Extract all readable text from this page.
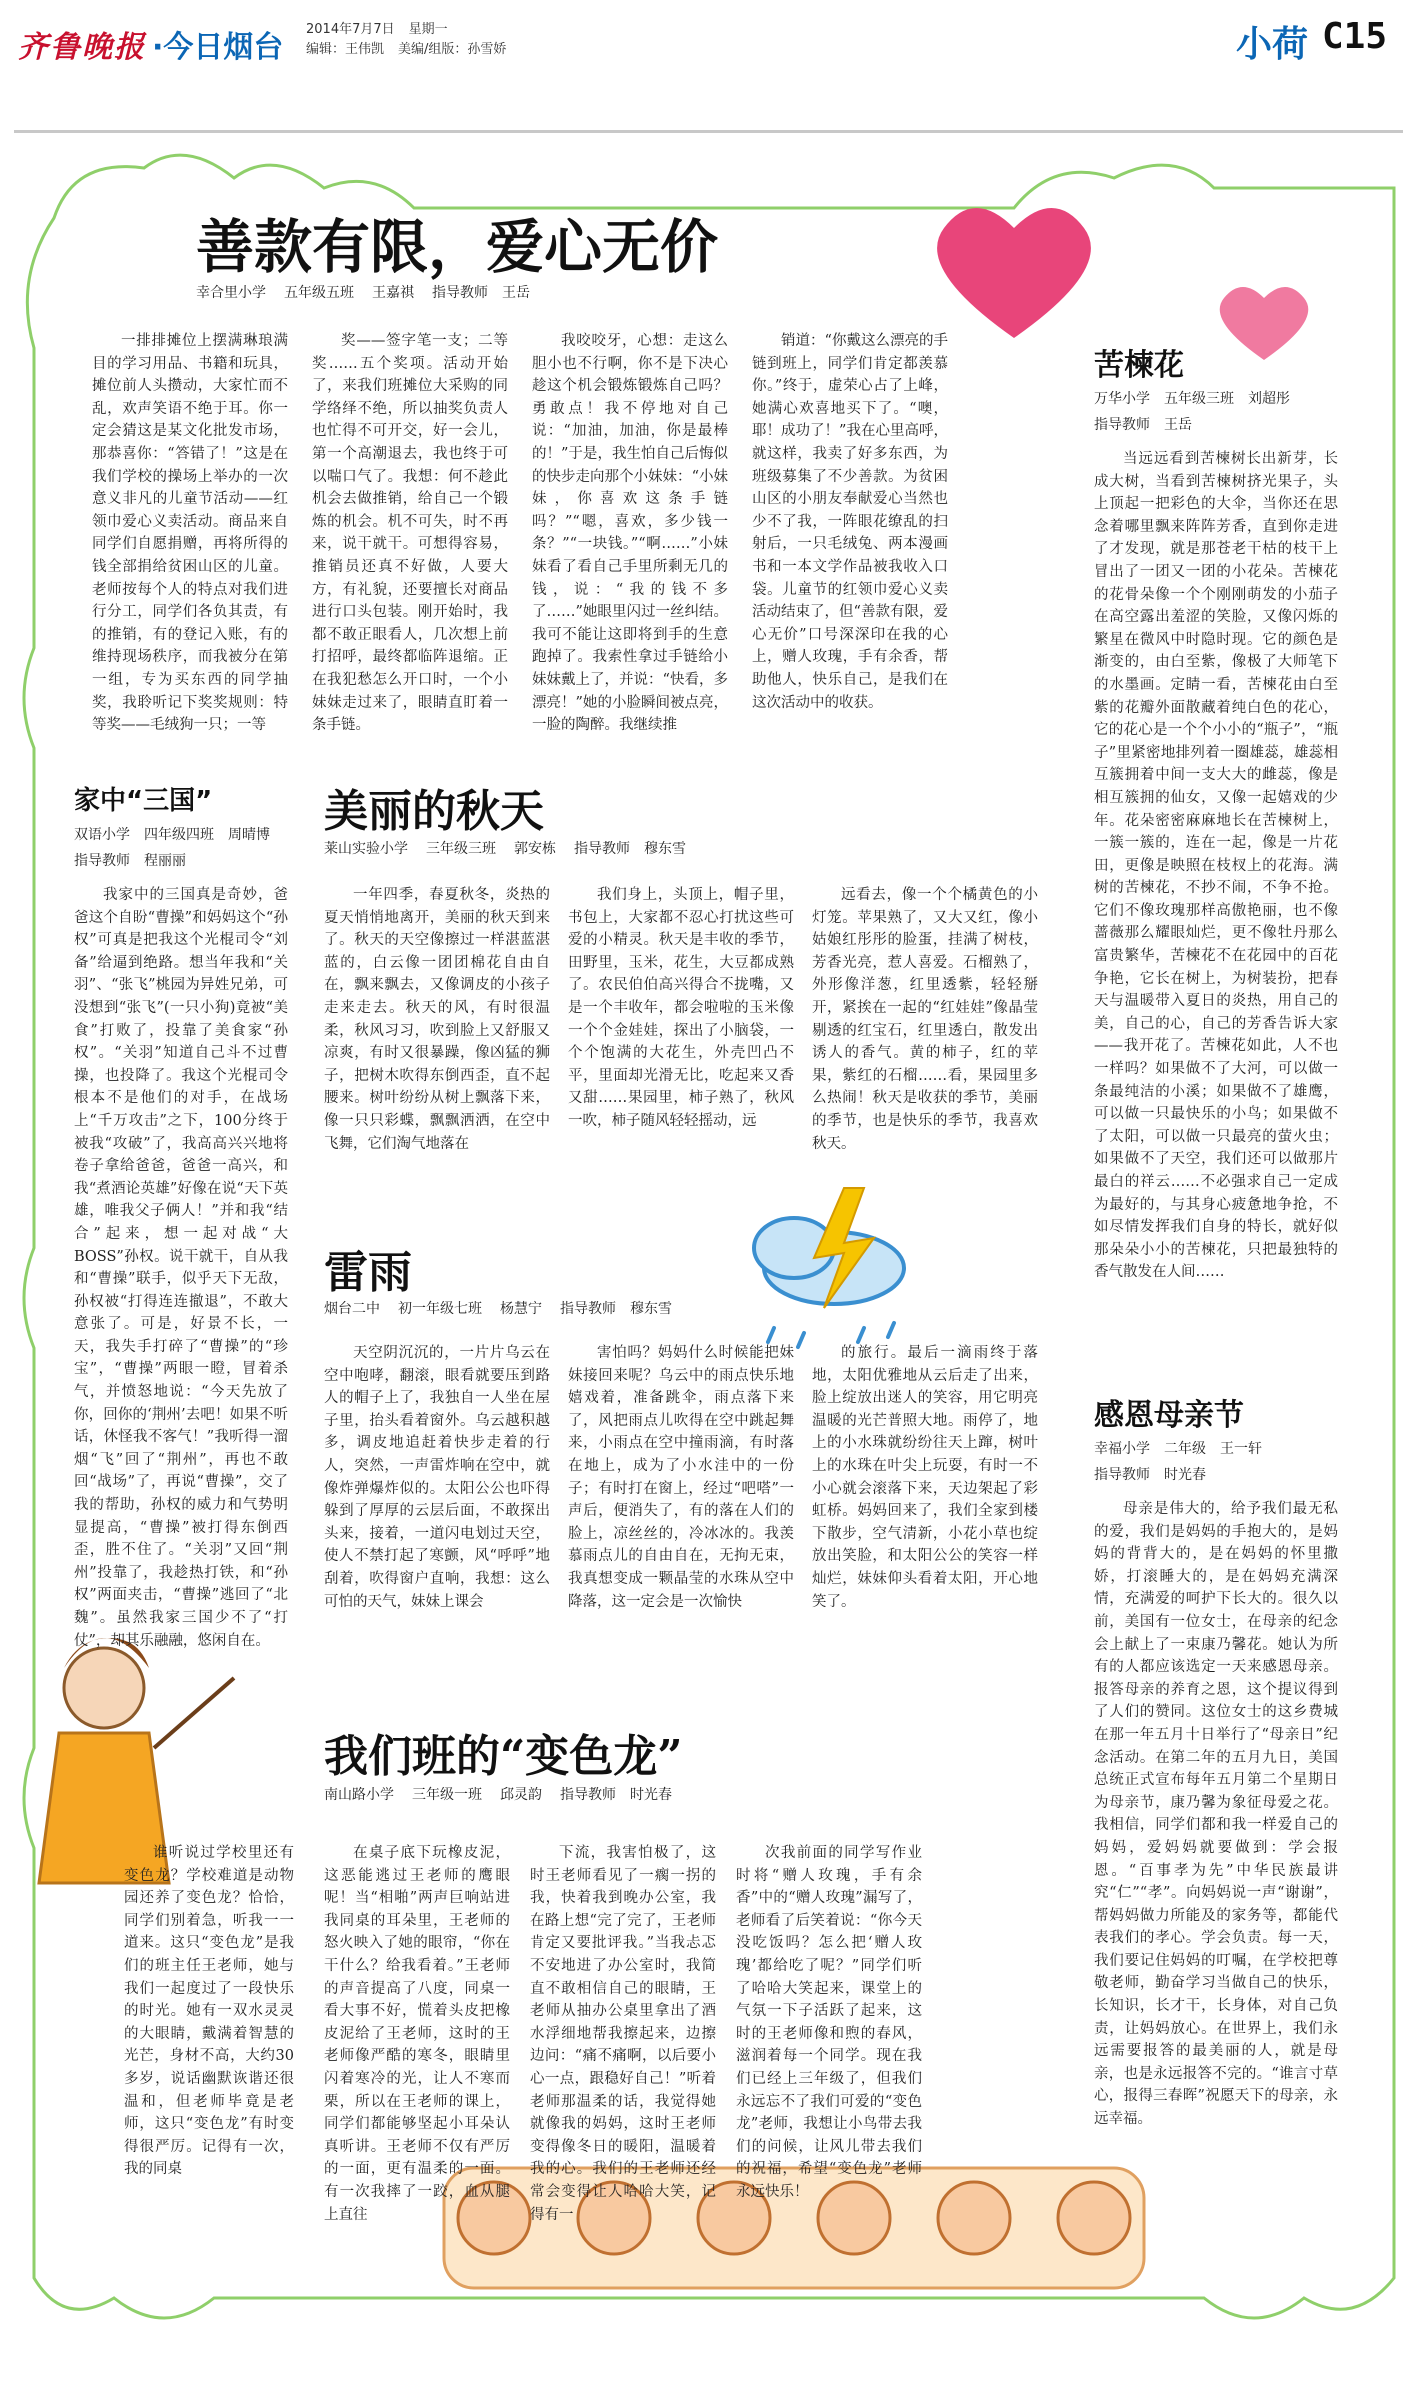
齐鲁晚报 ·今日烟台
2014年7月7日 星期一
编辑：王伟凯 美编/组版：孙雪娇	小荷 C15
善款有限，爱心无价
幸合里小学 五年级五班 王嘉祺 指导教师　王岳

一排排摊位上摆满琳琅满目的学习用品、书籍和玩具，摊位前人头攒动，大家忙而不乱，欢声笑语不绝于耳。你一定会猜这是某文化批发市场，那恭喜你：“答错了！”这是在我们学校的操场上举办的一次意义非凡的儿童节活动——红领巾爱心义卖活动。商品来自同学们自愿捐赠，再将所得的钱全部捐给贫困山区的儿童。老师按每个人的特点对我们进行分工，同学们各负其责，有的推销，有的登记入账，有的维持现场秩序，而我被分在第一组，专为买东西的同学抽奖，我聆听记下奖奖规则：特等奖——毛绒狗一只；一等

奖——签字笔一支；二等奖……五个奖项。活动开始了，来我们班摊位大采购的同学络绎不绝，所以抽奖负责人也忙得不可开交，好一会儿，第一个高潮退去，我也终于可以喘口气了。我想：何不趁此机会去做推销，给自己一个锻炼的机会。机不可失，时不再来，说干就干。可想得容易，推销员还真不好做，人要大方，有礼貌，还要擅长对商品进行口头包装。刚开始时，我都不敢正眼看人，几次想上前打招呼，最终都临阵退缩。正在我犯愁怎么开口时，一个小妹妹走过来了，眼睛直盯着一条手链。

我咬咬牙，心想：走这么胆小也不行啊，你不是下决心趁这个机会锻炼锻炼自己吗？勇敢点！我不停地对自己说：“加油，加油，你是最棒的！”于是，我生怕自己后悔似的快步走向那个小妹妹：“小妹妹，你喜欢这条手链吗？”“嗯，喜欢，多少钱一条？”“一块钱。”“啊……”小妹妹看了看自己手里所剩无几的钱，说：“我的钱不多了……”她眼里闪过一丝纠结。我可不能让这即将到手的生意跑掉了。我索性拿过手链给小妹妹戴上了，并说：“快看，多漂亮！”她的小脸瞬间被点亮，一脸的陶醉。我继续推

销道：“你戴这么漂亮的手链到班上，同学们肯定都羡慕你。”终于，虚荣心占了上峰，她满心欢喜地买下了。“噢，耶！成功了！”我在心里高呼，就这样，我卖了好多东西，为班级募集了不少善款。为贫困山区的小朋友奉献爱心当然也少不了我，一阵眼花缭乱的扫射后，一只毛绒兔、两本漫画书和一本文学作品被我收入口袋。儿童节的红领巾爱心义卖活动结束了，但“善款有限，爱心无价”口号深深印在我的心上，赠人玫瑰，手有余香，帮助他人，快乐自己，是我们在这次活动中的收获。

苦楝花
万华小学 五年级三班 刘超彤
指导教师　王岳

当远远看到苦楝树长出新芽，长成大树，当看到苦楝树挤光果子，头上顶起一把彩色的大伞，当你还在思念着哪里飘来阵阵芳香，直到你走进了才发现，就是那苍老干枯的枝干上冒出了一团又一团的小花朵。苦楝花的花骨朵像一个个刚刚萌发的小茄子在高空露出羞涩的笑脸，又像闪烁的繁星在微风中时隐时现。它的颜色是渐变的，由白至紫，像极了大师笔下的水墨画。定睛一看，苦楝花由白至紫的花瓣外面散藏着纯白色的花心，它的花心是一个个小小的“瓶子”，“瓶子”里紧密地排列着一圈雄蕊，雄蕊相互簇拥着中间一支大大的雌蕊，像是相互簇拥的仙女，又像一起嬉戏的少年。花朵密密麻麻地长在苦楝树上，一簇一簇的，连在一起，像是一片花田，更像是映照在枝杈上的花海。满树的苦楝花，不抄不闹，不争不抢。它们不像玫瑰那样高傲艳丽，也不像蔷薇那么耀眼灿烂，更不像牡丹那么富贵繁华，苦楝花不在花园中的百花争艳，它长在树上，为树装扮，把春天与温暖带入夏日的炎热，用自己的美，自己的心，自己的芳香告诉大家——我开花了。苦楝花如此，人不也一样吗？如果做不了大河，可以做一条最纯洁的小溪；如果做不了雄鹰，可以做一只最快乐的小鸟；如果做不了太阳，可以做一只最亮的萤火虫；如果做不了天空，我们还可以做那片最白的祥云……不必强求自己一定成为最好的，与其身心疲惫地争抢，不如尽情发挥我们自身的特长，就好似那朵朵小小的苦楝花，只把最独特的香气散发在人间……

家中“三国”
双语小学 四年级四班 周晴博
指导教师　程丽丽

我家中的三国真是奇妙，爸爸这个自盼“曹操”和妈妈这个“孙权”可真是把我这个光棍司令“刘备”给逼到绝路。想当年我和“关羽”、“张飞”桃园为异姓兄弟，可没想到“张飞”(一只小狗)竟被“美食”打败了，投靠了美食家“孙权”。“关羽”知道自己斗不过曹操，也投降了。我这个光棍司令根本不是他们的对手，在战场上“千万攻击”之下，100分终于被我“攻破”了，我高高兴兴地将卷子拿给爸爸，爸爸一高兴，和我“煮酒论英雄”好像在说“天下英雄，唯我父子俩人！”并和我“结合”起来，想一起对战“大BOSS”孙权。说干就干，自从我和“曹操”联手，似乎天下无敌，孙权被“打得连连撤退”，不敢大意张了。可是，好景不长，一天，我失手打碎了“曹操”的“珍宝”，“曹操”两眼一瞪，冒着杀气，并愤怒地说：“今天先放了你，回你的‘荆州’去吧！如果不听话，休怪我不客气！”我听得一溜烟“飞”回了“荆州”，再也不敢回“战场”了，再说“曹操”，交了我的帮助，孙权的威力和气势明显提高，“曹操”被打得东倒西歪，胜不住了。“关羽”又回“荆州”投靠了，我趁热打铁，和“孙权”两面夹击，“曹操”逃回了“北魏”。虽然我家三国少不了“打仗”，却其乐融融，悠闲自在。

美丽的秋天
莱山实验小学 三年级三班 郭安栋 指导教师　穆东雪

一年四季，春夏秋冬，炎热的夏天悄悄地离开，美丽的秋天到来了。秋天的天空像擦过一样湛蓝湛蓝的，白云像一团团棉花自由自在，飘来飘去，又像调皮的小孩子走来走去。秋天的风，有时很温柔，秋风习习，吹到脸上又舒服又凉爽，有时又很暴躁，像凶猛的狮子，把树木吹得东倒西歪，直不起腰来。树叶纷纷从树上飘落下来，像一只只彩蝶，飘飘洒洒，在空中飞舞，它们淘气地落在

我们身上，头顶上，帽子里，书包上，大家都不忍心打扰这些可爱的小精灵。秋天是丰收的季节，田野里，玉米，花生，大豆都成熟了。农民伯伯高兴得合不拢嘴，又是一个丰收年，都会啦啦的玉米像一个个金娃娃，探出了小脑袋，一个个饱满的大花生，外壳凹凸不平，里面却光滑无比，吃起来又香又甜……果园里，柿子熟了，秋风一吹，柿子随风轻轻摇动，远

远看去，像一个个橘黄色的小灯笼。苹果熟了，又大又红，像小姑娘红彤彤的脸蛋，挂满了树枝，芳香光亮，惹人喜爱。石榴熟了，外形像洋葱，红里透紫，轻轻掰开，紧挨在一起的“红娃娃”像晶莹剔透的红宝石，红里透白，散发出诱人的香气。黄的柿子，红的苹果，紫红的石榴……看，果园里多么热闹！秋天是收获的季节，美丽的季节，也是快乐的季节，我喜欢秋天。

雷雨
烟台二中 初一年级七班 杨慧宁 指导教师　穆东雪

天空阴沉沉的，一片片乌云在空中咆哮，翻滚，眼看就要压到路人的帽子上了，我独自一人坐在屋子里，抬头看着窗外。乌云越积越多，调皮地追赶着快步走着的行人，突然，一声雷炸响在空中，就像炸弹爆炸似的。太阳公公也吓得躲到了厚厚的云层后面，不敢探出头来，接着，一道闪电划过天空，使人不禁打起了寒颤，风“呼呼”地刮着，吹得窗户直响，我想：这么可怕的天气，妹妹上课会

害怕吗？妈妈什么时候能把妹妹接回来呢？乌云中的雨点快乐地嬉戏着，准备跳伞，雨点落下来了，风把雨点儿吹得在空中跳起舞来，小雨点在空中撞雨滴，有时落在地上，成为了小水洼中的一份子；有时打在窗上，经过“吧嗒”一声后，便消失了，有的落在人们的脸上，凉丝丝的，冷冰冰的。我羡慕雨点儿的自由自在，无拘无束，我真想变成一颗晶莹的水珠从空中降落，这一定会是一次愉快

的旅行。最后一滴雨终于落地，太阳优雅地从云后走了出来，脸上绽放出迷人的笑容，用它明亮温暖的光芒普照大地。雨停了，地上的小水珠就纷纷往天上蹿，树叶上的水珠在叶尖上玩耍，有时一不小心就会滚落下来，天边架起了彩虹桥。妈妈回来了，我们全家到楼下散步，空气清新，小花小草也绽放出笑脸，和太阳公公的笑容一样灿烂，妹妹仰头看着太阳，开心地笑了。

感恩母亲节
幸福小学 二年级 王一轩
指导教师　时光春

母亲是伟大的，给予我们最无私的爱，我们是妈妈的手抱大的，是妈妈的背背大的，是在妈妈的怀里撒娇，打滚睡大的，是在妈妈充满深情，充满爱的呵护下长大的。很久以前，美国有一位女士，在母亲的纪念会上献上了一束康乃馨花。她认为所有的人都应该选定一天来感恩母亲。报答母亲的养育之恩，这个提议得到了人们的赞同。这位女士的这乡费城在那一年五月十日举行了“母亲日”纪念活动。在第二年的五月九日，美国总统正式宣布每年五月第二个星期日为母亲节，康乃馨为象征母爱之花。我相信，同学们都和我一样爱自己的妈妈，爱妈妈就要做到：学会报恩。“百事孝为先”中华民族最讲究“仁”“孝”。向妈妈说一声“谢谢”，帮妈妈做力所能及的家务等，都能代表我们的孝心。学会负责。每一天，我们要记住妈妈的叮嘱，在学校把尊敬老师，勤奋学习当做自己的快乐，长知识，长才干，长身体，对自己负责，让妈妈放心。在世界上，我们永远需要报答的最美丽的人，就是母亲，也是永远报答不完的。“谁言寸草心，报得三春晖”祝愿天下的母亲，永远幸福。

我们班的“变色龙”
南山路小学 三年级一班 邱灵韵 指导教师　时光春

谁听说过学校里还有变色龙？学校难道是动物园还养了变色龙？恰恰，同学们别着急，听我一一道来。这只“变色龙”是我们的班主任王老师，她与我们一起度过了一段快乐的时光。她有一双水灵灵的大眼睛，戴满着智慧的光芒，身材不高，大约30多岁，说话幽默诙谐还很温和，但老师毕竟是老师，这只“变色龙”有时变得很严厉。记得有一次，我的同桌

在桌子底下玩橡皮泥，这恶能逃过王老师的鹰眼呢！当“相啪”两声巨响站进我同桌的耳朵里，王老师的怒火映入了她的眼帘，“你在干什么？给我看着。”王老师的声音提高了八度，同桌一看大事不好，慌着头皮把橡皮泥给了王老师，这时的王老师像严酷的寒冬，眼睛里闪着寒冷的光，让人不寒而栗，所以在王老师的课上，同学们都能够坚起小耳朵认真听讲。王老师不仅有严厉的一面，更有温柔的一面。有一次我摔了一跤，血从腿上直往

下流，我害怕极了，这时王老师看见了一瘸一拐的我，快着我到晚办公室，我在路上想“完了完了，王老师肯定又要批评我。”当我忐忑不安地进了办公室时，我简直不敢相信自己的眼睛，王老师从抽办公桌里拿出了酒水浮细地帮我擦起来，边擦边问：“痛不痛啊，以后要小心一点，跟稳好自己！”听着老师那温柔的话，我觉得她就像我的妈妈，这时王老师变得像冬日的暖阳，温暖着我的心。我们的王老师还经常会变得让人哈哈大笑，记得有一

次我前面的同学写作业时将“赠人玫瑰，手有余香”中的“赠人玫瑰”漏写了，老师看了后笑着说：“你今天没吃饭吗？怎么把‘赠人玫瑰’都给吃了呢？”同学们听了哈哈大笑起来，课堂上的气氛一下子活跃了起来，这时的王老师像和煦的春风，滋润着每一个同学。现在我们已经上三年级了，但我们永远忘不了我们可爱的“变色龙”老师，我想让小鸟带去我们的问候，让风儿带去我们的祝福，希望“变色龙”老师永远快乐！
